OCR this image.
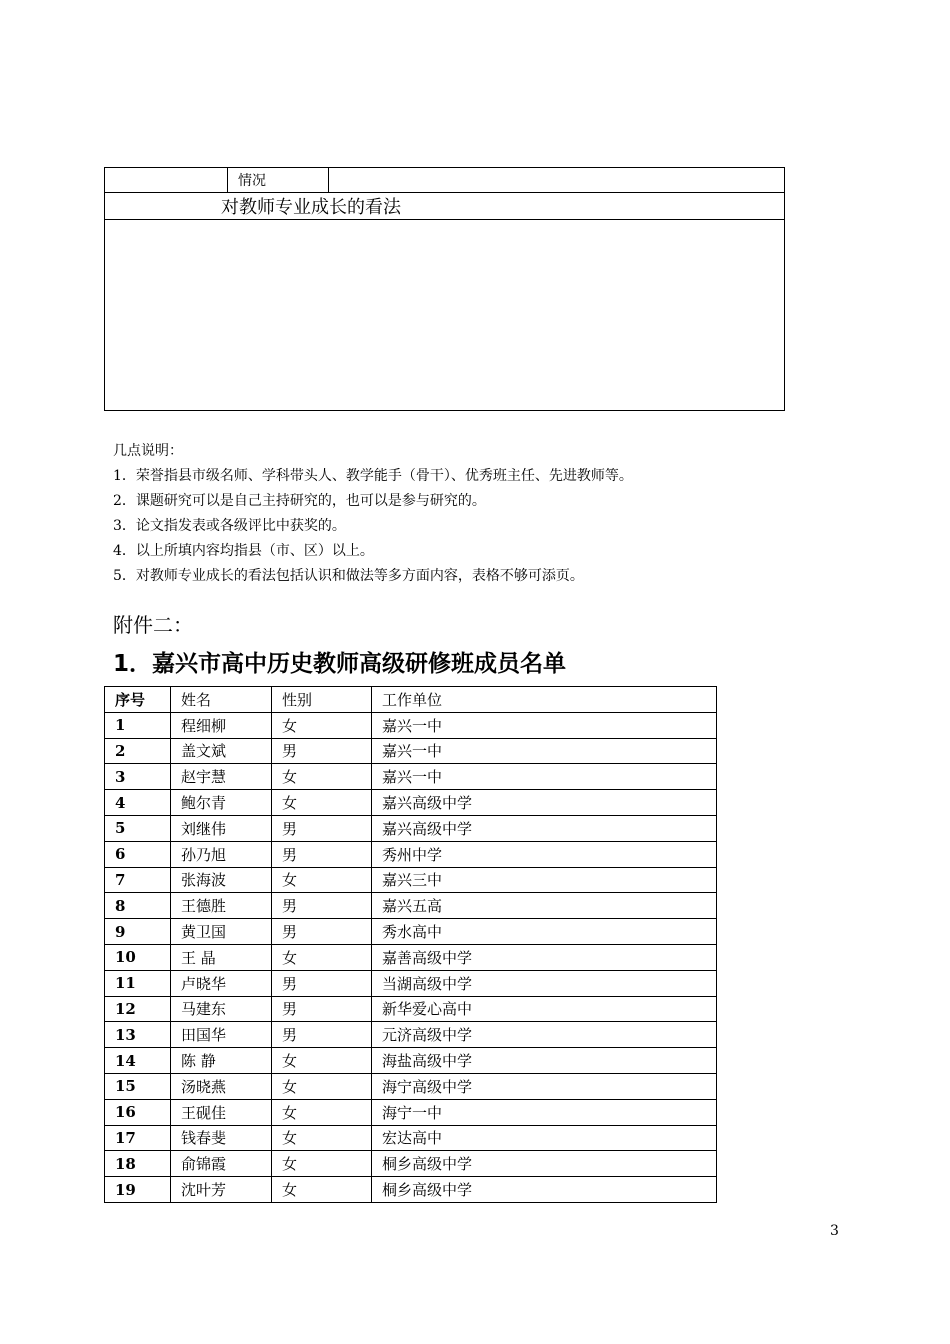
	情况	
对教师专业成长的看法

几点说明：
1．荣誉指县市级名师、学科带头人、教学能手（骨干）、优秀班主任、先进教师等。
2．课题研究可以是自己主持研究的，也可以是参与研究的。
3．论文指发表或各级评比中获奖的。
4．以上所填内容均指县（市、区）以上。
5．对教师专业成长的看法包括认识和做法等多方面内容，表格不够可添页。
附件二：
1．嘉兴市高中历史教师高级研修班成员名单
序号	姓名	性别	工作单位
1	程细柳	女	嘉兴一中
2	盖文斌	男	嘉兴一中
3	赵宇慧	女	嘉兴一中
4	鲍尔青	女	嘉兴高级中学
5	刘继伟	男	嘉兴高级中学
6	孙乃旭	男	秀州中学
7	张海波	女	嘉兴三中
8	王德胜	男	嘉兴五高
9	黄卫国	男	秀水高中
10	王 晶	女	嘉善高级中学
11	卢晓华	男	当湖高级中学
12	马建东	男	新华爱心高中
13	田国华	男	元济高级中学
14	陈 静	女	海盐高级中学
15	汤晓燕	女	海宁高级中学
16	王砚佳	女	海宁一中
17	钱春斐	女	宏达高中
18	俞锦霞	女	桐乡高级中学
19	沈叶芳	女	桐乡高级中学
3
